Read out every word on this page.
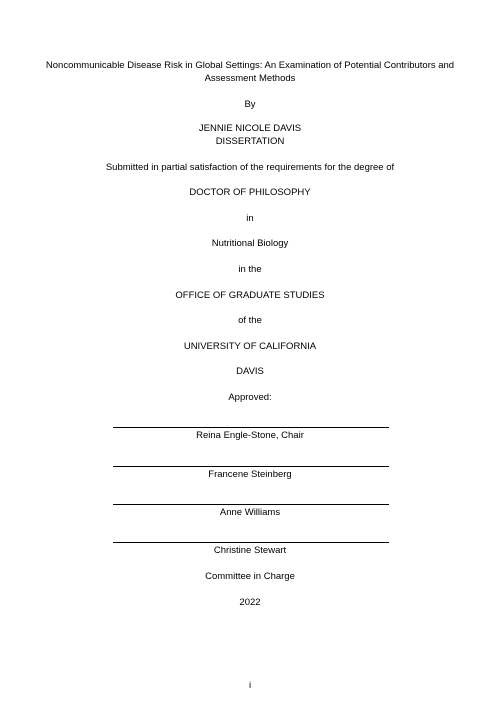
Noncommunicable Disease Risk in Global Settings: An Examination of Potential Contributors and Assessment Methods
By
JENNIE NICOLE DAVIS
DISSERTATION
Submitted in partial satisfaction of the requirements for the degree of
DOCTOR OF PHILOSOPHY
in
Nutritional Biology
in the
OFFICE OF GRADUATE STUDIES
of the
UNIVERSITY OF CALIFORNIA
DAVIS
Approved:
Reina Engle-Stone, Chair
Francene Steinberg
Anne Williams
Christine Stewart
Committee in Charge
2022
i
